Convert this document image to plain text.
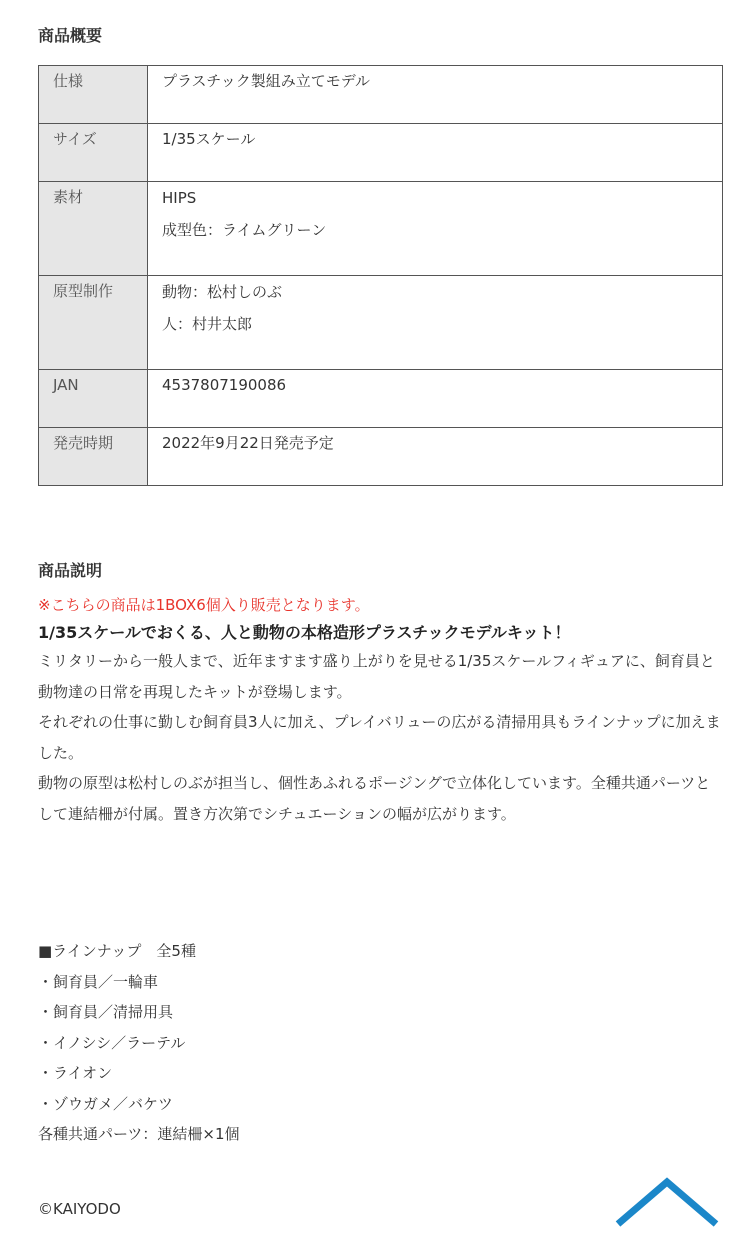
商品概要
仕様	プラスチック製組み立てモデル
サイズ	1/35スケール
素材	HIPS
成型色：ライムグリーン

原型制作	動物：松村しのぶ
人：村井太郎

JAN	4537807190086
発売時期	2022年9月22日発売予定
商品説明
※こちらの商品は1BOX6個入り販売となります。
1/35スケールでおくる、人と動物の本格造形プラスチックモデルキット！

ミリタリーから一般人まで、近年ますます盛り上がりを見せる1/35スケールフィギュアに、飼育員と動物達の日常を再現したキットが登場します。

それぞれの仕事に勤しむ飼育員3人に加え、プレイバリューの広がる清掃用具もラインナップに加えました。

動物の原型は松村しのぶが担当し、個性あふれるポージングで立体化しています。全種共通パーツとして連結柵が付属。置き方次第でシチュエーションの幅が広がります。

■ラインナップ　全5種
・飼育員／一輪車
・飼育員／清掃用具
・イノシシ／ラーテル
・ライオン
・ゾウガメ／バケツ
各種共通パーツ：連結柵×1個
©KAIYODO
